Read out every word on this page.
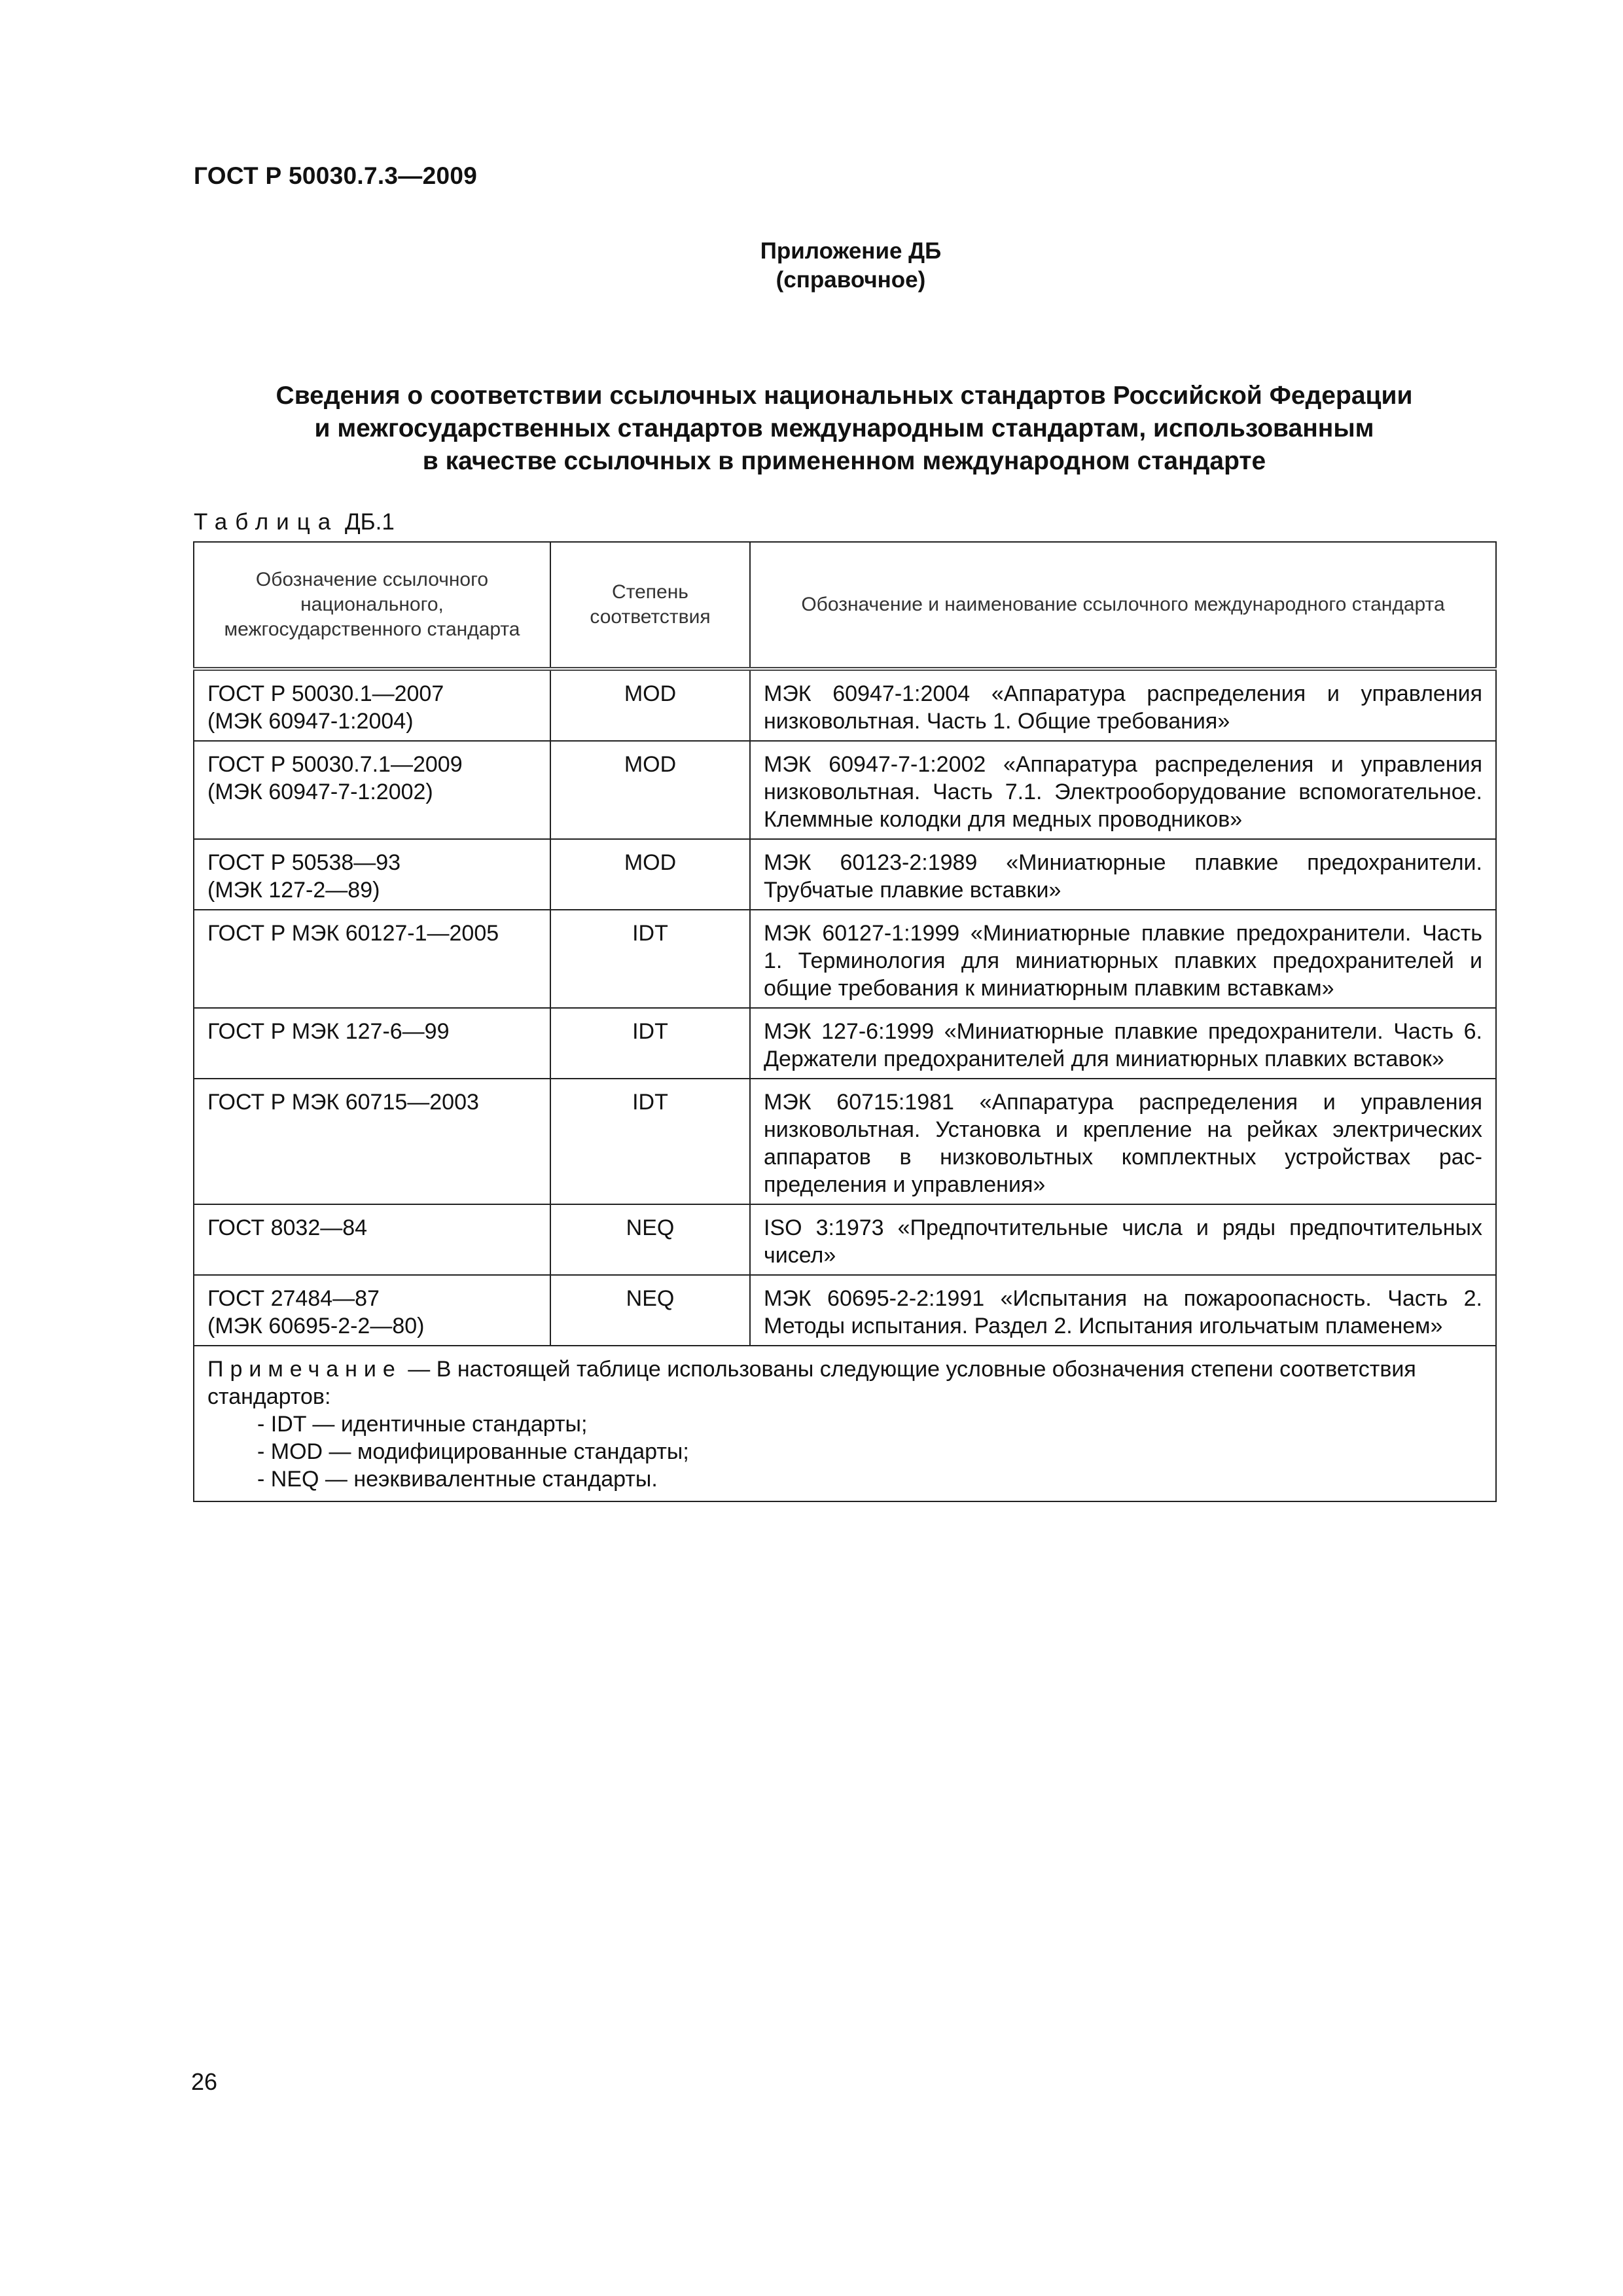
ГОСТ Р 50030.7.3—2009
Приложение ДБ
(справочное)
Сведения о соответствии ссылочных национальных стандартов Российской Федерации
и межгосударственных стандартов международным стандартам, использованным
в качестве ссылочных в примененном международном стандарте
Таблица ДБ.1
Обозначение ссылочного национального, межгосударственного стандарта	Степень соответствия	Обозначение и наименование ссылочного международного стандарта

ГОСТ Р 50030.1—2007
(МЭК 60947-1:2004)	MOD	МЭК 60947-1:2004 «Аппаратура распределения и управления низковольтная. Часть 1. Общие требования»

ГОСТ Р 50030.7.1—2009
(МЭК 60947-7-1:2002)	MOD	МЭК 60947-7-1:2002 «Аппаратура распределения и управления низковольтная. Часть 7.1. Электрооборудование вспомогательное. Клеммные колодки для медных проводников»

ГОСТ Р 50538—93
(МЭК 127-2—89)	MOD	МЭК 60123-2:1989 «Миниатюрные плавкие предохранители. Трубчатые плавкие вставки»

ГОСТ Р МЭК 60127-1—2005	IDT	МЭК 60127-1:1999 «Миниатюрные плавкие предохранители. Часть 1. Терминология для миниатюрных плавких предохранителей и общие требования к миниатюрным плавким вставкам»

ГОСТ Р МЭК 127-6—99	IDT	МЭК 127-6:1999 «Миниатюрные плавкие предохранители. Часть 6. Держатели предохранителей для миниатюрных плавких вставок»

ГОСТ Р МЭК 60715—2003	IDT	МЭК 60715:1981 «Аппаратура распределения и управления низковольтная. Установка и крепление на рейках электрических аппаратов в низковольтных комплектных устройствах распределения и управления»

ГОСТ 8032—84	NEQ	ISO 3:1973 «Предпочтительные числа и ряды предпочтительных чисел»

ГОСТ 27484—87
(МЭК 60695-2-2—80)	NEQ	МЭК 60695-2-2:1991 «Испытания на пожароопасность. Часть 2. Методы испытания. Раздел 2. Испытания игольчатым пламенем»
Примечание — В настоящей таблице использованы следующие условные обозначения степени соответствия стандартов:
- IDT — идентичные стандарты;
- MOD — модифицированные стандарты;
- NEQ — неэквивалентные стандарты.		
26
